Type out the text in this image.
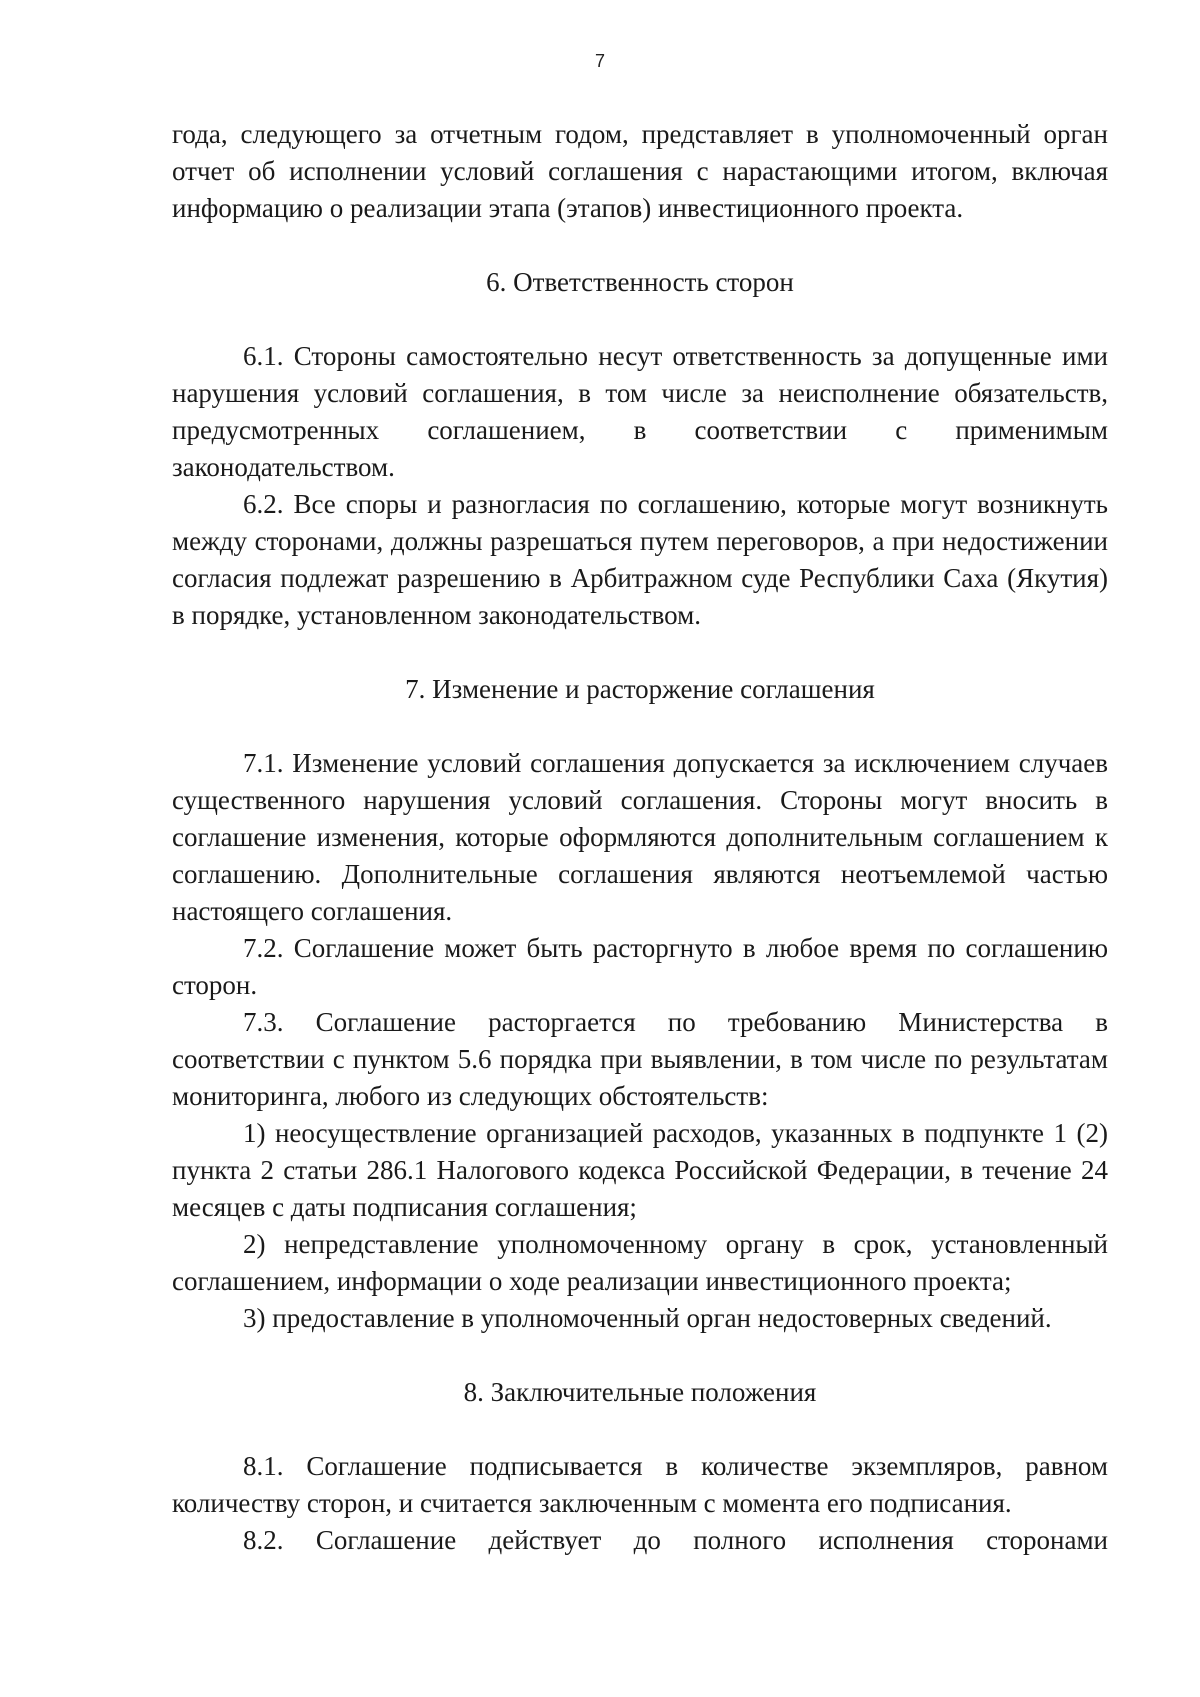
7

года, следующего за отчетным годом, представляет в уполномоченный орган отчет об исполнении условий соглашения с нарастающими итогом, включая информацию о реализации этапа (этапов) инвестиционного проекта.

6. Ответственность сторон

6.1. Стороны самостоятельно несут ответственность за допущенные ими нарушения условий соглашения, в том числе за неисполнение обязательств, предусмотренных соглашением, в соответствии с применимым законодательством.

6.2. Все споры и разногласия по соглашению, которые могут возникнуть между сторонами, должны разрешаться путем переговоров, а при недостижении согласия подлежат разрешению в Арбитражном суде Республики Саха (Якутия) в порядке, установленном законодательством.

7. Изменение и расторжение соглашения

7.1. Изменение условий соглашения допускается за исключением случаев существенного нарушения условий соглашения. Стороны могут вносить в соглашение изменения, которые оформляются дополнительным соглашением к соглашению. Дополнительные соглашения являются неотъемлемой частью настоящего соглашения.

7.2. Соглашение может быть расторгнуто в любое время по соглашению сторон.

7.3. Соглашение расторгается по требованию Министерства в соответствии с пунктом 5.6 порядка при выявлении, в том числе по результатам мониторинга, любого из следующих обстоятельств:

1) неосуществление организацией расходов, указанных в подпункте 1 (2) пункта 2 статьи 286.1 Налогового кодекса Российской Федерации, в течение 24 месяцев с даты подписания соглашения;

2) непредставление уполномоченному органу в срок, установленный соглашением, информации о ходе реализации инвестиционного проекта;

3) предоставление в уполномоченный орган недостоверных сведений.

8. Заключительные положения

8.1. Соглашение подписывается в количестве экземпляров, равном количеству сторон, и считается заключенным с момента его подписания.

8.2. Соглашение действует до полного исполнения сторонами
